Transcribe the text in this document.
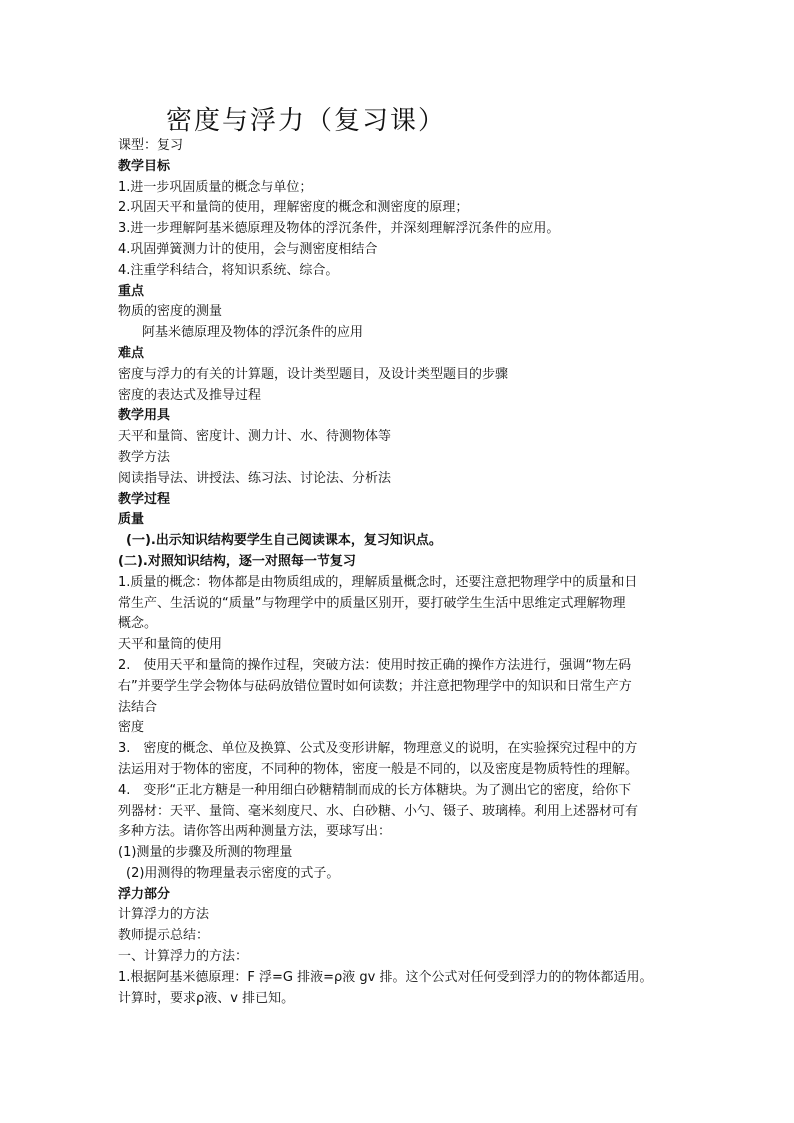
密度与浮力（复习课）
课型：复习
教学目标
1.进一步巩固质量的概念与单位；
2.巩固天平和量筒的使用，理解密度的概念和测密度的原理；
3.进一步理解阿基米德原理及物体的浮沉条件，并深刻理解浮沉条件的应用。
4.巩固弹簧测力计的使用，会与测密度相结合
4.注重学科结合，将知识系统、综合。
重点
物质的密度的测量
阿基米德原理及物体的浮沉条件的应用
难点
密度与浮力的有关的计算题，设计类型题目，及设计类型题目的步骤
密度的表达式及推导过程
教学用具
天平和量筒、密度计、测力计、水、待测物体等
教学方法
阅读指导法、讲授法、练习法、讨论法、分析法
教学过程
质量
(一).出示知识结构要学生自己阅读课本，复习知识点。
(二).对照知识结构，逐一对照每一节复习
1.质量的概念：物体都是由物质组成的，理解质量概念时，还要注意把物理学中的质量和日
常生产、生活说的“质量”与物理学中的质量区别开，要打破学生生活中思维定式理解物理
概念。
天平和量筒的使用
2.　使用天平和量筒的操作过程，突破方法：使用时按正确的操作方法进行，强调“物左码
右”并要学生学会物体与砝码放错位置时如何读数；并注意把物理学中的知识和日常生产方
法结合
密度
3.　密度的概念、单位及换算、公式及变形讲解，物理意义的说明，在实验探究过程中的方
法运用对于物体的密度，不同种的物体，密度一般是不同的，以及密度是物质特性的理解。
4.　变形“正北方糖是一种用细白砂糖精制而成的长方体糖块。为了测出它的密度，给你下
列器材：天平、量筒、毫米刻度尺、水、白砂糖、小勺、镊子、玻璃棒。利用上述器材可有
多种方法。请你答出两种测量方法，要球写出：
(1)测量的步骤及所测的物理量
(2)用测得的物理量表示密度的式子。
浮力部分
计算浮力的方法
教师提示总结：
一、计算浮力的方法：
1.根据阿基米德原理：F 浮=G 排液=ρ液 gv 排。这个公式对任何受到浮力的的物体都适用。
计算时，要求ρ液、v 排已知。
